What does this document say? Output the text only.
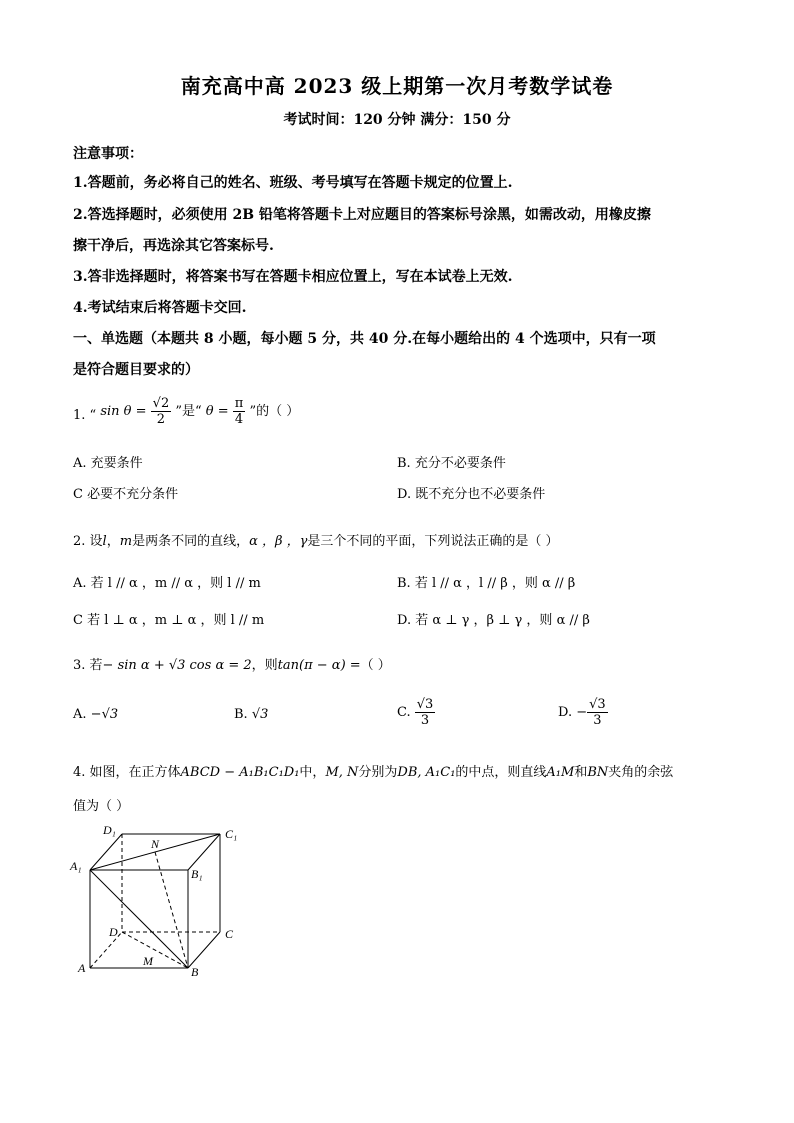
南充高中高 2023 级上期第一次月考数学试卷
考试时间：120 分钟 满分：150 分
注意事项：
1.答题前，务必将自己的姓名、班级、考号填写在答题卡规定的位置上.
2.答选择题时，必须使用 2B 铅笔将答题卡上对应题目的答案标号涂黑，如需改动，用橡皮擦
擦干净后，再选涂其它答案标号.
3.答非选择题时，将答案书写在答题卡相应位置上，写在本试卷上无效.
4.考试结束后将答题卡交回.
一、单选题（本题共 8 小题，每小题 5 分，共 40 分.在每小题给出的 4 个选项中，只有一项
是符合题目要求的）
1. “ $\sin \theta = \frac{√2}{2}$ ”是“ $\theta = \frac{\pi}{4}$ ”的（ ）
A. 充要条件	B. 充分不必要条件
C 必要不充分条件	D. 既不充分也不必要条件
2. 设l，m是两条不同的直线，α ，β ，γ是三个不同的平面，下列说法正确的是（ ）
A. 若 l // α ，m // α ，则 l // m	B. 若 l // α ，l // β ，则 α // β
C 若 l ⊥ α ，m ⊥ α ，则 l // m	D. 若 α ⊥ γ ，β ⊥ γ ，则 α // β
3. 若− sin α + √3 cos α = 2，则tan(π − α) =（ ）
A. −√3	B. √3	C. $\frac{√3}{3}$	D. − $\frac{√3}{3}$
4. 如图，在正方体ABCD − A₁B₁C₁D₁中，M, N分别为DB, A₁C₁的中点，则直线A₁M和BN夹角的余弦
值为（ ）
D₁	C₁
A₁
B₁
N
D	C
A	B
M
